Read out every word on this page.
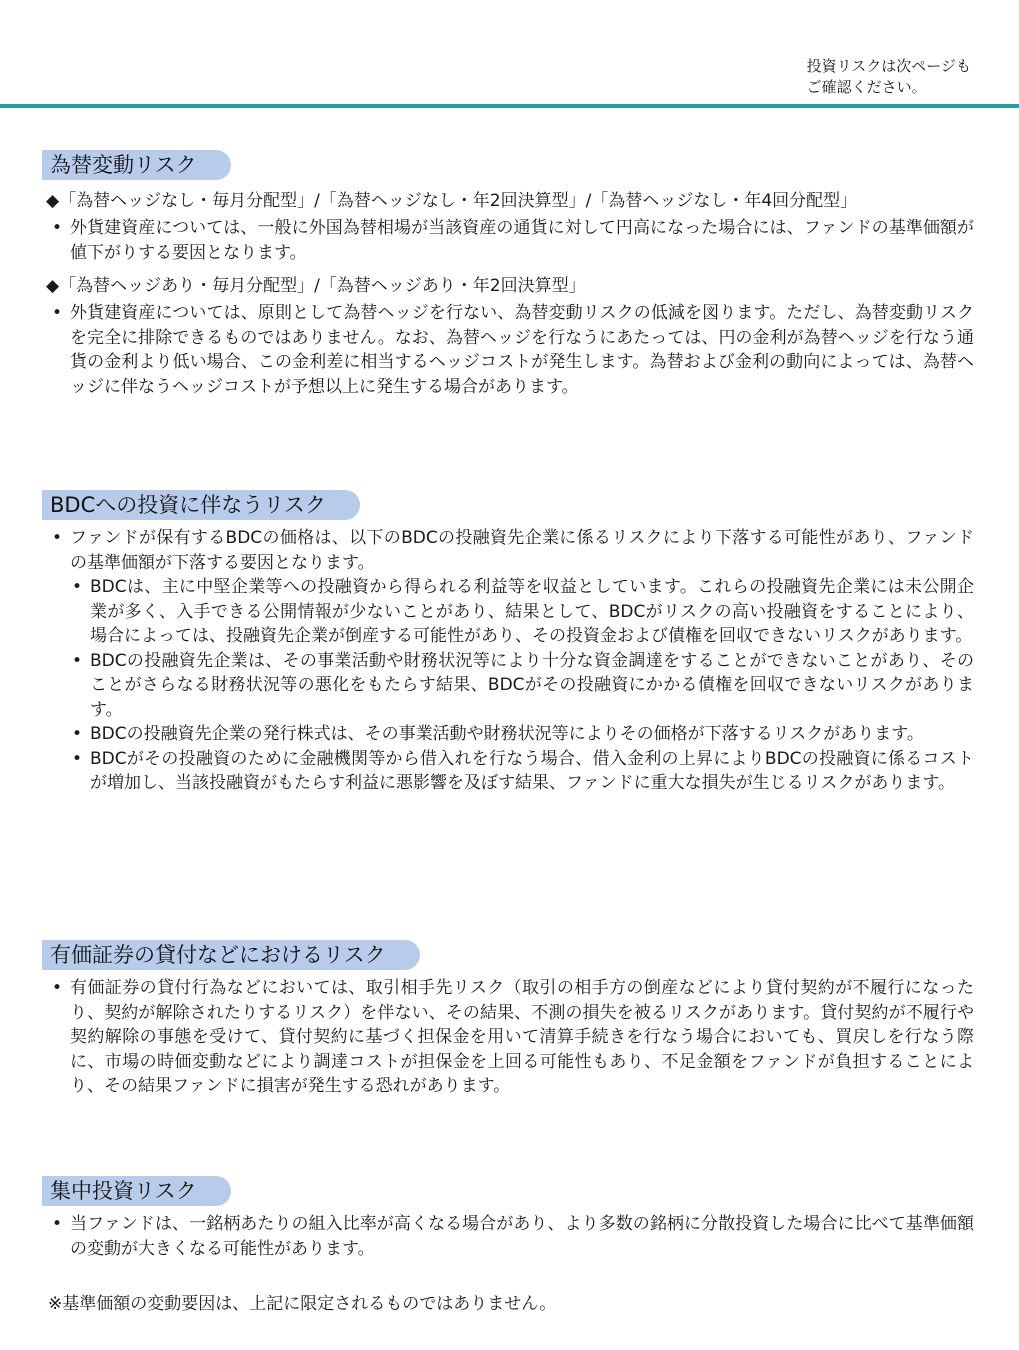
投資リスクは次ページも
ご確認ください。
為替変動リスク
◆「為替ヘッジなし・毎月分配型」/「為替ヘッジなし・年2回決算型」/「為替ヘッジなし・年4回分配型」
• 外貨建資産については、一般に外国為替相場が当該資産の通貨に対して円高になった場合には、ファンドの基準価額が値下がりする要因となります。
◆「為替ヘッジあり・毎月分配型」/「為替ヘッジあり・年2回決算型」
• 外貨建資産については、原則として為替ヘッジを行ない、為替変動リスクの低減を図ります。ただし、為替変動リスクを完全に排除できるものではありません。なお、為替ヘッジを行なうにあたっては、円の金利が為替ヘッジを行なう通貨の金利より低い場合、この金利差に相当するヘッジコストが発生します。為替および金利の動向によっては、為替ヘッジに伴なうヘッジコストが予想以上に発生する場合があります。
BDCへの投資に伴なうリスク
• ファンドが保有するBDCの価格は、以下のBDCの投融資先企業に係るリスクにより下落する可能性があり、ファンドの基準価額が下落する要因となります。
• BDCは、主に中堅企業等への投融資から得られる利益等を収益としています。これらの投融資先企業には未公開企業が多く、入手できる公開情報が少ないことがあり、結果として、BDCがリスクの高い投融資をすることにより、場合によっては、投融資先企業が倒産する可能性があり、その投資金および債権を回収できないリスクがあります。
• BDCの投融資先企業は、その事業活動や財務状況等により十分な資金調達をすることができないことがあり、そのことがさらなる財務状況等の悪化をもたらす結果、BDCがその投融資にかかる債権を回収できないリスクがあります。
• BDCの投融資先企業の発行株式は、その事業活動や財務状況等によりその価格が下落するリスクがあります。
• BDCがその投融資のために金融機関等から借入れを行なう場合、借入金利の上昇によりBDCの投融資に係るコストが増加し、当該投融資がもたらす利益に悪影響を及ぼす結果、ファンドに重大な損失が生じるリスクがあります。
有価証券の貸付などにおけるリスク
• 有価証券の貸付行為などにおいては、取引相手先リスク（取引の相手方の倒産などにより貸付契約が不履行になったり、契約が解除されたりするリスク）を伴ない、その結果、不測の損失を被るリスクがあります。貸付契約が不履行や契約解除の事態を受けて、貸付契約に基づく担保金を用いて清算手続きを行なう場合においても、買戻しを行なう際に、市場の時価変動などにより調達コストが担保金を上回る可能性もあり、不足金額をファンドが負担することにより、その結果ファンドに損害が発生する恐れがあります。
集中投資リスク
• 当ファンドは、一銘柄あたりの組入比率が高くなる場合があり、より多数の銘柄に分散投資した場合に比べて基準価額の変動が大きくなる可能性があります。
※基準価額の変動要因は、上記に限定されるものではありません。
